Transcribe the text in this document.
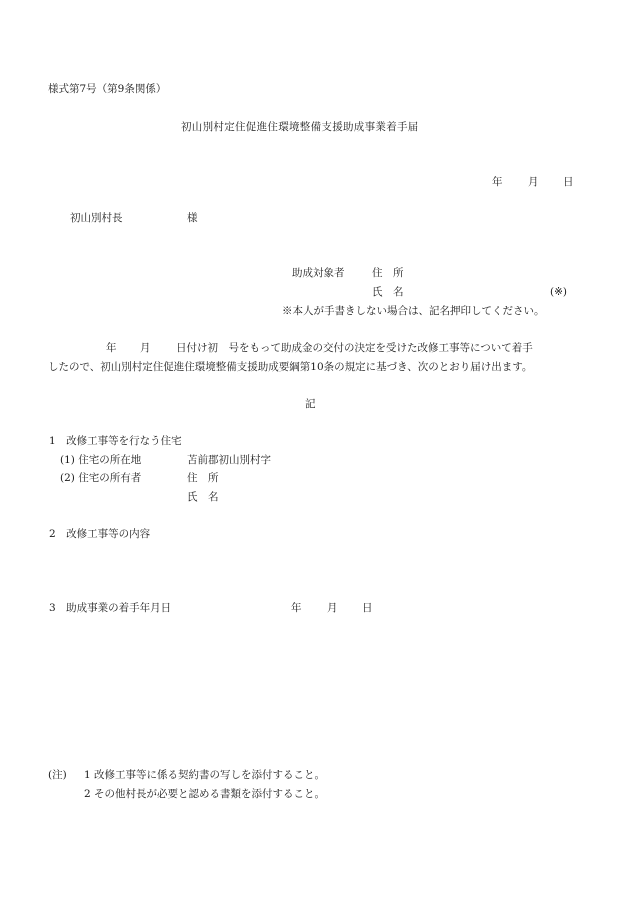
様式第7号（第9条関係）
初山別村定住促進住環境整備支援助成事業着手届
年 月 日
初山別村長	様
助成対象者	住　所
氏　名	(※)
※本人が手書きしない場合は、記名押印してください。
年 月 日付け初　号をもって助成金の交付の決定を受けた改修工事等について着手
したので、初山別村定住促進住環境整備支援助成要綱第10条の規定に基づき、次のとおり届け出ます。
記
1　改修工事等を行なう住宅
(1) 住宅の所在地	苫前郡初山別村字
(2) 住宅の所有者	住　所
氏　名
2　改修工事等の内容
3　助成事業の着手年月日	年 月 日
(注) 1 改修工事等に係る契約書の写しを添付すること。
2 その他村長が必要と認める書類を添付すること。
